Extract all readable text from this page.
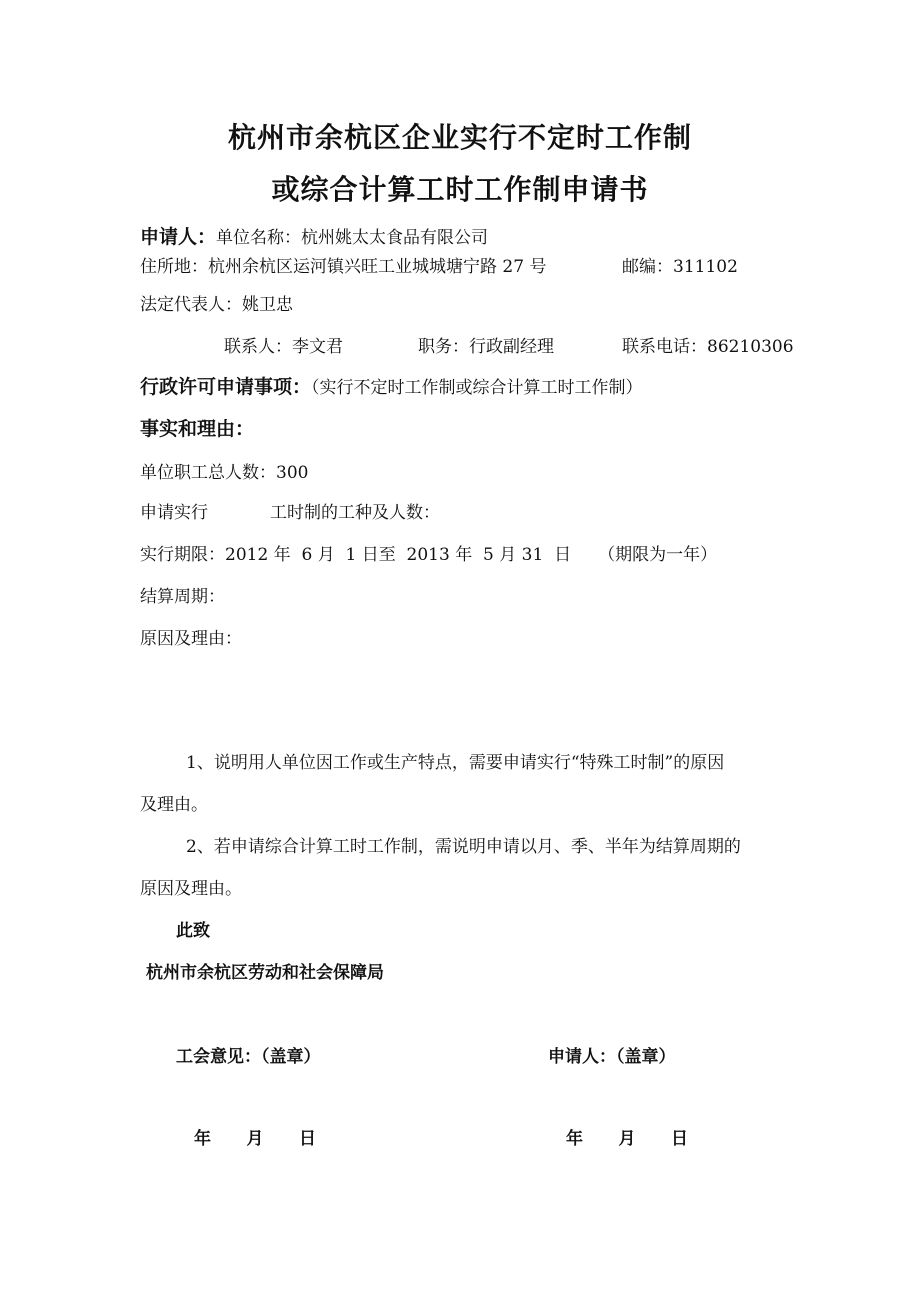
杭州市余杭区企业实行不定时工作制
或综合计算工时工作制申请书
申请人：单位名称：杭州姚太太食品有限公司
住所地：杭州余杭区运河镇兴旺工业城城塘宁路 27 号	邮编：311102
法定代表人：姚卫忠
联系人：李文君	职务：行政副经理	联系电话：86210306
行政许可申请事项：（实行不定时工作制或综合计算工时工作制）
事实和理由：
单位职工总人数：300
申请实行	工时制的工种及人数：
实行期限：2012 年  6 月  1 日至  2013 年  5 月 31  日     （期限为一年）
结算周期：
原因及理由：
1、说明用人单位因工作或生产特点，需要申请实行“特殊工时制”的原因
及理由。
2、若申请综合计算工时工作制，需说明申请以月、季、半年为结算周期的
原因及理由。
此致
杭州市余杭区劳动和社会保障局
工会意见：（盖章）	申请人：（盖章）
年      月      日	年      月      日
